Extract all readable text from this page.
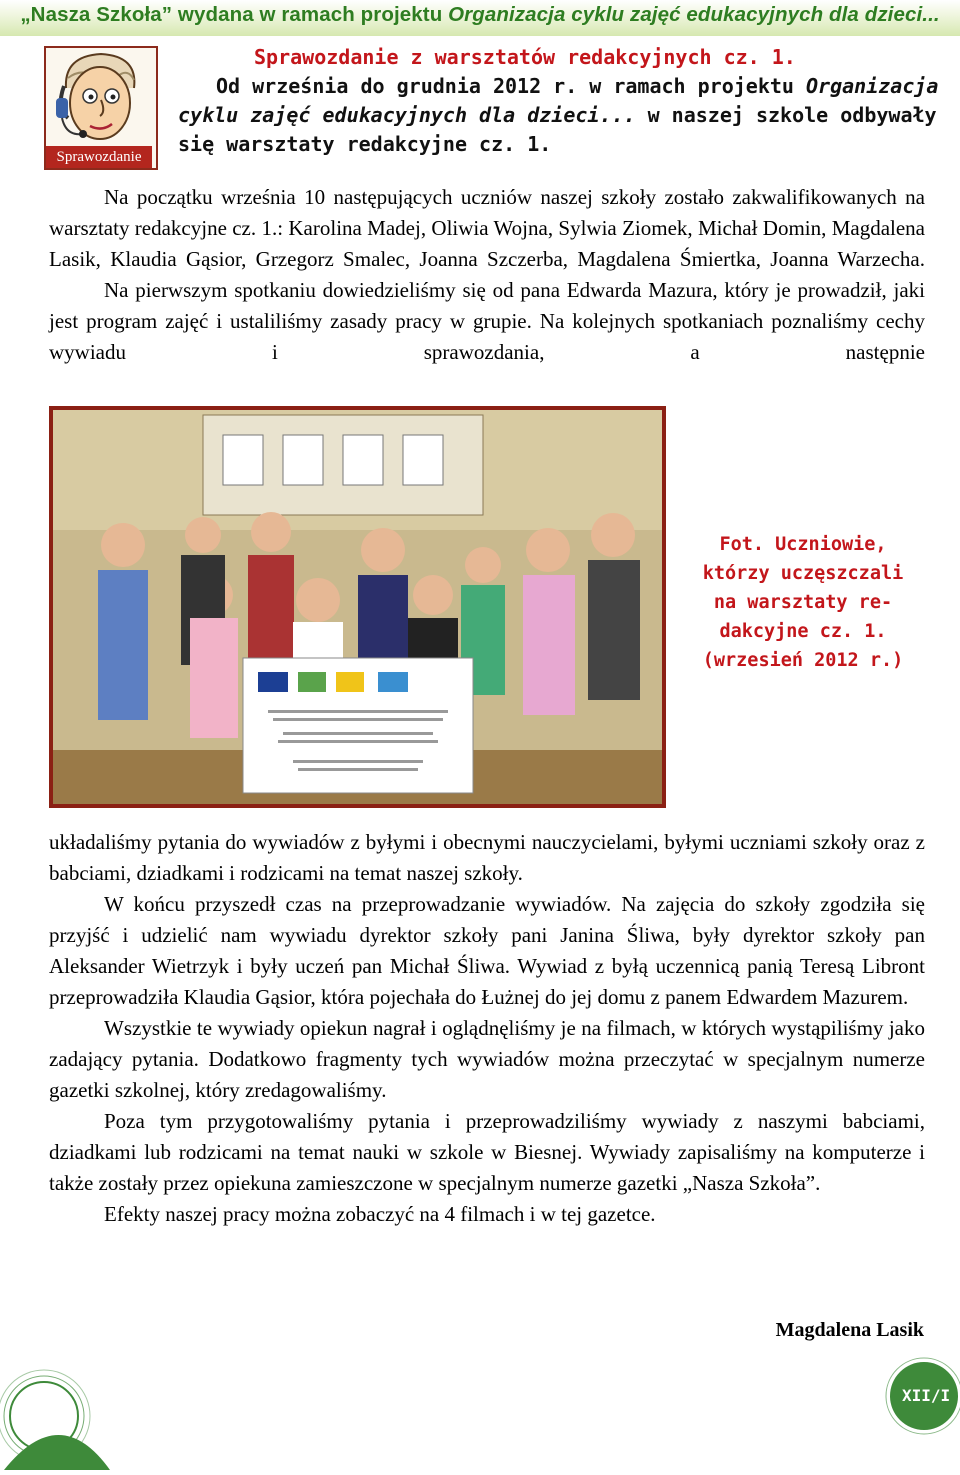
„Nasza Szkoła” wydana w ramach projektu Organizacja cyklu zajęć edukacyjnych dla dzieci...
Sprawozdanie
Sprawozdanie z warsztatów redakcyjnych cz. 1.
Od września do grudnia 2012 r. w ramach projektu Organizacja
cyklu zajęć edukacyjnych dla dzieci... w naszej szkole odbywały
się warsztaty redakcyjne cz. 1.

Na początku września 10 następujących uczniów naszej szkoły zostało zakwalifikowanych na warsztaty redakcyjne cz. 1.: Karolina Madej, Oliwia Wojna, Sylwia Ziomek, Michał Domin, Magdalena Lasik, Klaudia Gąsior, Grzegorz Smalec, Joanna Szczerba, Magdalena Śmiertka, Joanna Warzecha.

Na pierwszym spotkaniu dowiedzieliśmy się od pana Edwarda Mazura, który je prowadził, jaki jest program zajęć i ustaliliśmy zasady pracy w grupie. Na kolejnych spotkaniach poznaliśmy cechy wywiadu i sprawozdania, a następnie

Fot. Uczniowie,
którzy uczęszczali
na warsztaty re-
dakcyjne cz. 1.
(wrzesień 2012 r.)

układaliśmy pytania do wywiadów z byłymi i obecnymi nauczycielami, byłymi uczniami szkoły oraz z babciami, dziadkami i rodzicami na temat naszej szkoły.

W końcu przyszedł czas na przeprowadzanie wywiadów. Na zajęcia do szkoły zgodziła się przyjść i udzielić nam wywiadu dyrektor szkoły pani Janina Śliwa, były dyrektor szkoły pan Aleksander Wietrzyk i były uczeń pan Michał Śliwa. Wywiad z byłą uczennicą panią Teresą Libront przeprowadziła Klaudia Gąsior, która pojechała do Łużnej do jej domu z panem Edwardem Mazurem.

Wszystkie te wywiady opiekun nagrał i oglądnęliśmy je na filmach, w których wystąpiliśmy jako zadający pytania. Dodatkowo fragmenty tych wywiadów można przeczytać w specjalnym numerze gazetki szkolnej, który zredagowaliśmy.

Poza tym przygotowaliśmy pytania i przeprowadziliśmy wywiady z naszymi babciami, dziadkami lub rodzicami na temat nauki w szkole w Biesnej. Wywiady zapisaliśmy na komputerze i także zostały przez opiekuna zamieszczone w specjalnym numerze gazetki „Nasza Szkoła”.

Efekty naszej pracy można zobaczyć na 4 filmach i w tej gazetce.

Magdalena Lasik
s.3
XII/I
